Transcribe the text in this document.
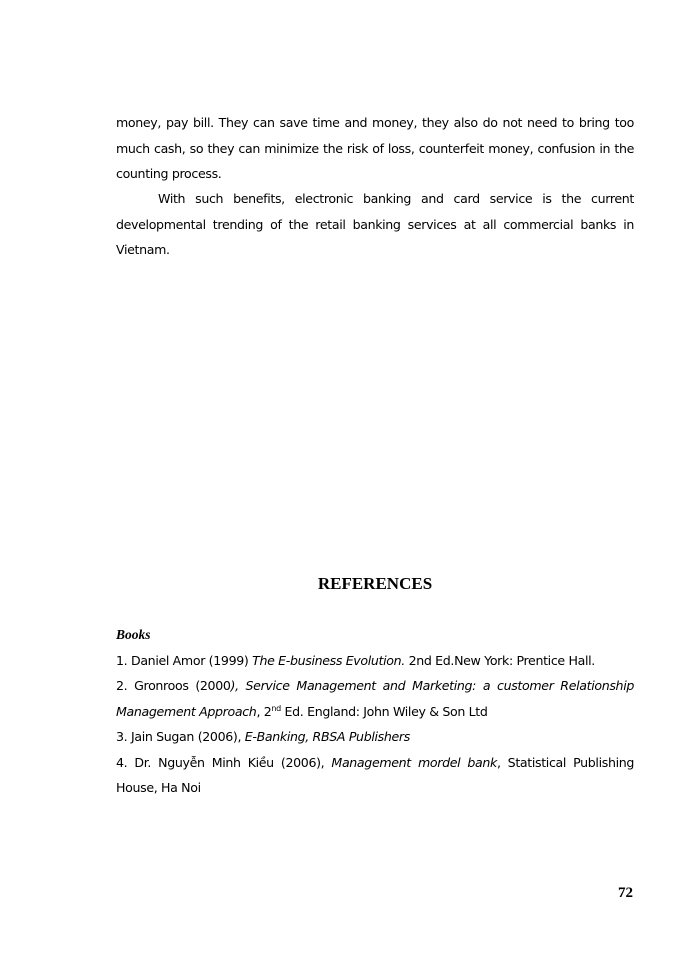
money, pay bill. They can save time and money, they also do not need to bring too much cash, so they can minimize the risk of loss, counterfeit money, confusion in the counting process.

With such benefits, electronic banking and card service is the current developmental trending of the retail banking services at all commercial banks in Vietnam.

REFERENCES

Books

1. Daniel Amor (1999) The E-business Evolution. 2nd Ed.New York: Prentice Hall.

2. Gronroos (2000), Service Management and Marketing: a customer Relationship Management Approach, 2nd Ed. England: John Wiley & Son Ltd

3. Jain Sugan (2006), E-Banking, RBSA Publishers

4. Dr. Nguyễn Minh Kiều (2006), Management mordel bank, Statistical Publishing House, Ha Noi

72
